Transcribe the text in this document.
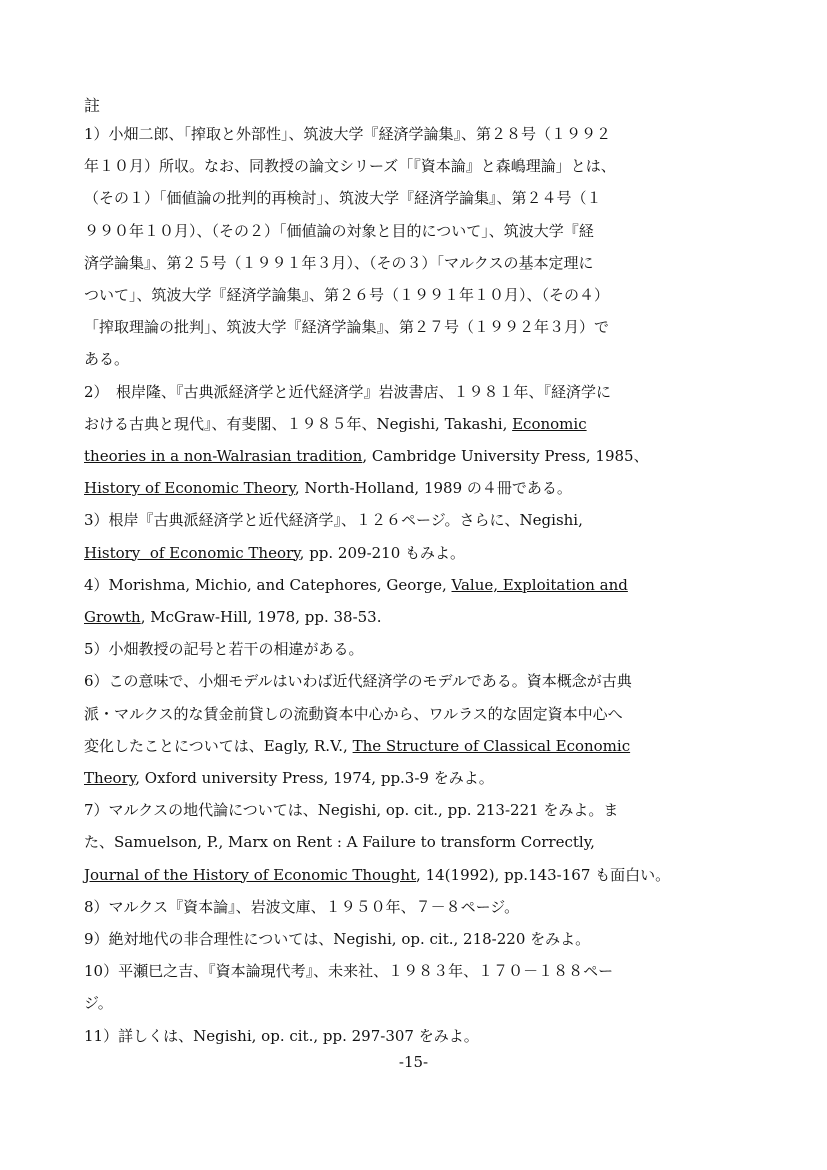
註
1）小畑二郎、「搾取と外部性」、筑波大学『経済学論集』、第２８号（１９９２
年１０月）所収。なお、同教授の論文シリーズ「『資本論』と森嶋理論」とは、
（その１）「価値論の批判的再検討」、筑波大学『経済学論集』、第２４号（１
９９０年１０月）、（その２）「価値論の対象と目的について」、筑波大学『経
済学論集』、第２５号（１９９１年３月）、（その３）「マルクスの基本定理に
ついて」、筑波大学『経済学論集』、第２６号（１９９１年１０月）、（その４）
「搾取理論の批判」、筑波大学『経済学論集』、第２７号（１９９２年３月）で
ある。
2）　根岸隆、『古典派経済学と近代経済学』岩波書店、１９８１年、『経済学に
おける古典と現代』、有斐閣、１９８５年、Negishi, Takashi, Economic
theories in a non-Walrasian tradition, Cambridge University Press, 1985、
History of Economic Theory, North-Holland, 1989 の４冊である。
3）根岸『古典派経済学と近代経済学』、１２６ページ。さらに、Negishi,
History  of Economic Theory, pp. 209-210 もみよ。
4）Morishma, Michio, and Catephores, George, Value, Exploitation and
Growth, McGraw-Hill, 1978, pp. 38-53.
5）小畑教授の記号と若干の相違がある。
6）この意味で、小畑モデルはいわば近代経済学のモデルである。資本概念が古典
派・マルクス的な賃金前貸しの流動資本中心から、ワルラス的な固定資本中心へ
変化したことについては、Eagly, R.V., The Structure of Classical Economic
Theory, Oxford university Press, 1974, pp.3-9 をみよ。
7）マルクスの地代論については、Negishi, op. cit., pp. 213-221 をみよ。ま
た、Samuelson, P., Marx on Rent : A Failure to transform Correctly,
Journal of the History of Economic Thought, 14(1992), pp.143-167 も面白い。
8）マルクス『資本論』、岩波文庫、１９５０年、７－８ページ。
9）絶対地代の非合理性については、Negishi, op. cit., 218-220 をみよ。
10）平瀬巳之吉、『資本論現代考』、未来社、１９８３年、１７０－１８８ペー
ジ。
11）詳しくは、Negishi, op. cit., pp. 297-307 をみよ。
-15-
